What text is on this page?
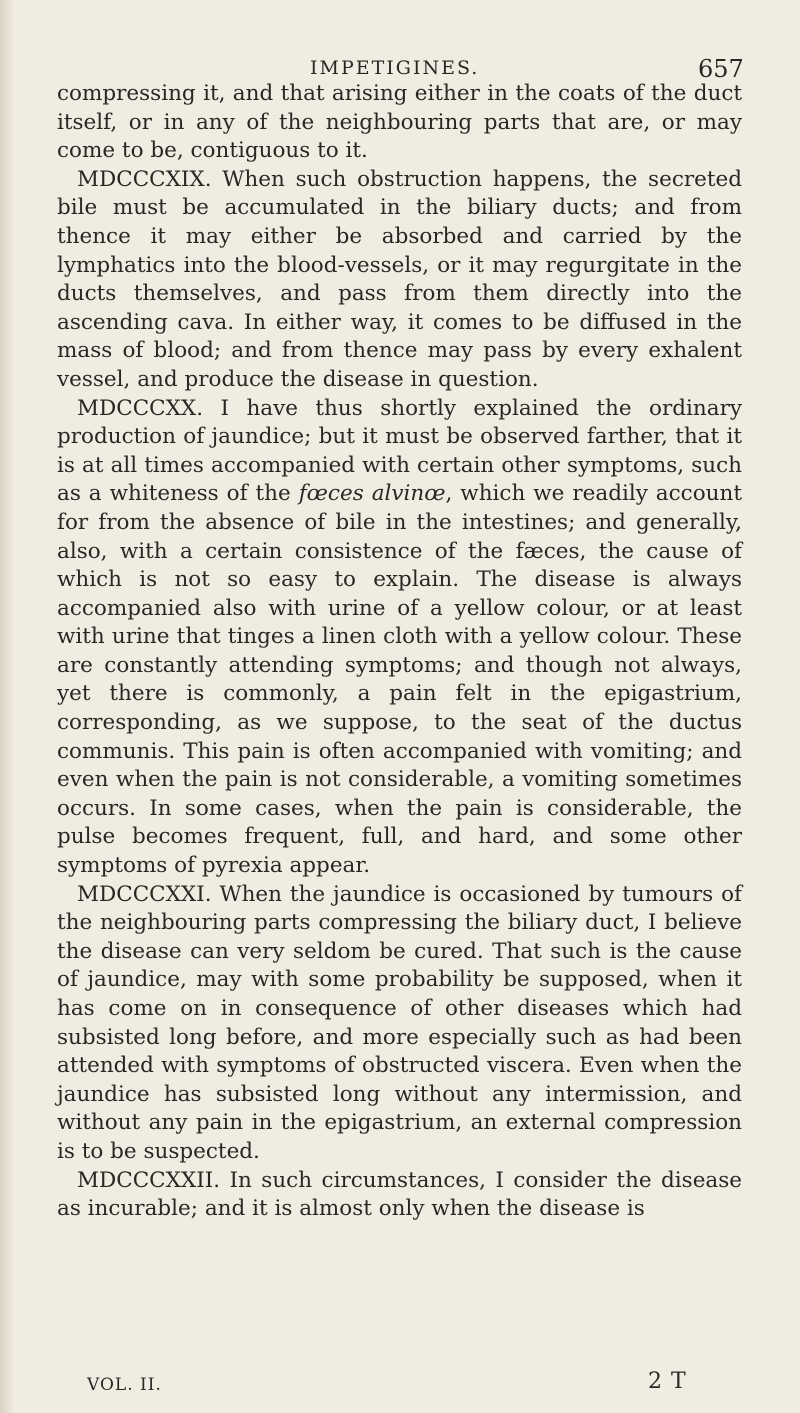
IMPETIGINES.	657

compressing it, and that arising either in the coats of the duct itself, or in any of the neighbouring parts that are, or may come to be, contiguous to it.

MDCCCXIX. When such obstruction happens, the secreted bile must be accumulated in the biliary ducts; and from thence it may either be absorbed and carried by the lymphatics into the blood-vessels, or it may regurgitate in the ducts themselves, and pass from them directly into the ascending cava. In either way, it comes to be diffused in the mass of blood; and from thence may pass by every exhalent vessel, and produce the disease in question.

MDCCCXX. I have thus shortly explained the ordinary production of jaundice; but it must be observed farther, that it is at all times accompanied with certain other symptoms, such as a whiteness of the fœces alvinœ, which we readily account for from the absence of bile in the intestines; and generally, also, with a certain consistence of the fæces, the cause of which is not so easy to explain. The disease is always accompanied also with urine of a yellow colour, or at least with urine that tinges a linen cloth with a yellow colour. These are constantly attending symptoms; and though not always, yet there is commonly, a pain felt in the epigastrium, corresponding, as we suppose, to the seat of the ductus communis. This pain is often accompanied with vomiting; and even when the pain is not considerable, a vomiting sometimes occurs. In some cases, when the pain is considerable, the pulse becomes frequent, full, and hard, and some other symptoms of pyrexia appear.

MDCCCXXI. When the jaundice is occasioned by tumours of the neighbouring parts compressing the biliary duct, I believe the disease can very seldom be cured. That such is the cause of jaundice, may with some probability be supposed, when it has come on in consequence of other diseases which had subsisted long before, and more especially such as had been attended with symptoms of obstructed viscera. Even when the jaundice has subsisted long without any intermission, and without any pain in the epigastrium, an external compression is to be suspected.

MDCCCXXII. In such circumstances, I consider the disease as incurable; and it is almost only when the disease is

VOL. II.	2 T
